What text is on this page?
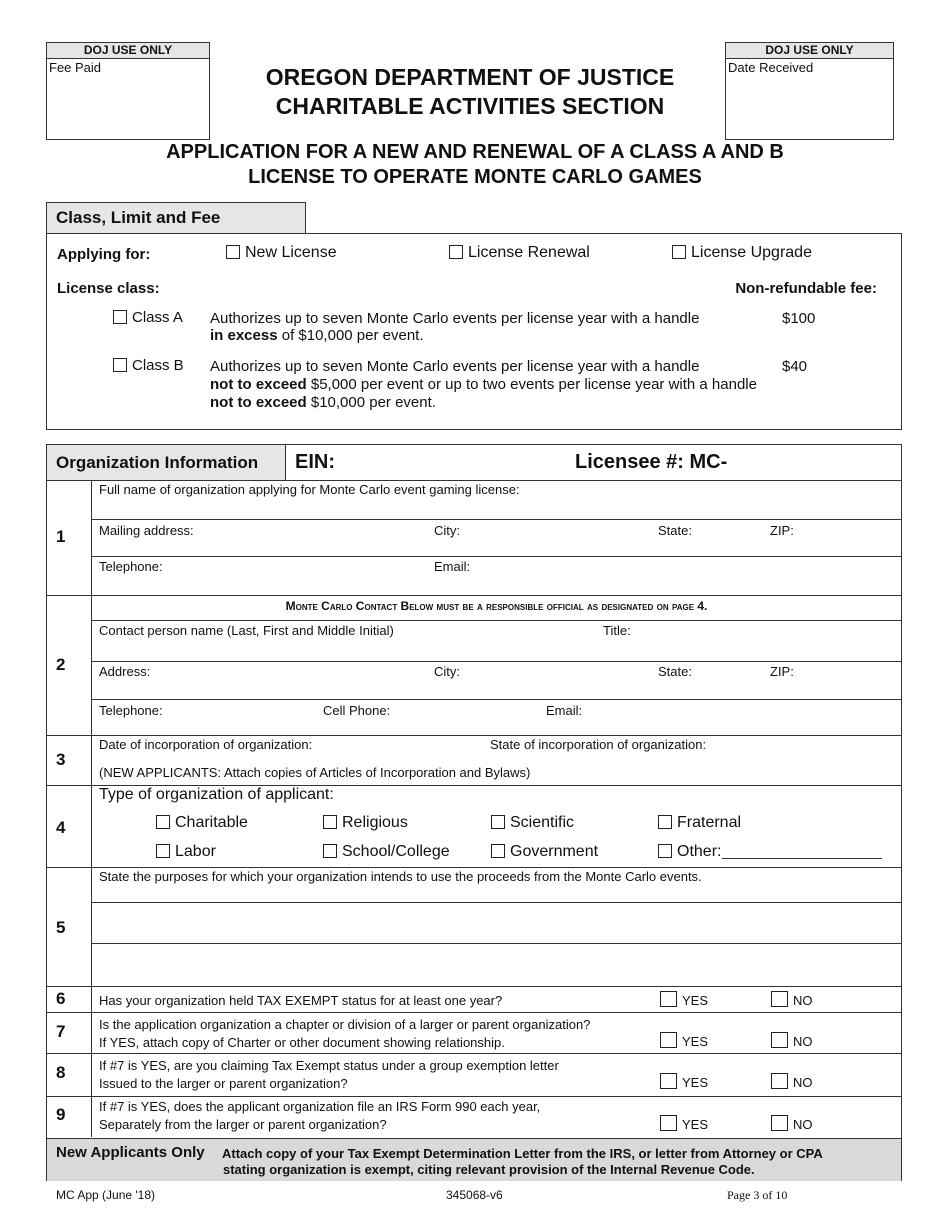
DOJ USE ONLY
Fee Paid
DOJ USE ONLY
Date Received
OREGON DEPARTMENT OF JUSTICE
CHARITABLE ACTIVITIES SECTION
APPLICATION FOR A NEW AND RENEWAL OF A CLASS A AND B
LICENSE TO OPERATE MONTE CARLO GAMES
Class, Limit and Fee
Applying for:	New License	License Renewal	License Upgrade
License class:	Non-refundable fee:
Class A Authorizes up to seven Monte Carlo events per license year with a handle
in excess of $10,000 per event.
$100
Class B Authorizes up to seven Monte Carlo events per license year with a handle
not to exceed $5,000 per event or up to two events per license year with a handle
not to exceed $10,000 per event.
$40
Organization Information	EIN:	Licensee #: MC-
1
Full name of organization applying for Monte Carlo event gaming license:
Mailing address:	City:	State:	ZIP:
Telephone:	Email:
2
Monte Carlo Contact Below must be a responsible official as designated on page 4.
Contact person name (Last, First and Middle Initial)	Title:
Address:	City:	State:	ZIP:
Telephone:	Cell Phone:	Email:
3
Date of incorporation of organization:	State of incorporation of organization:
(NEW APPLICANTS: Attach copies of Articles of Incorporation and Bylaws)
4
Type of organization of applicant:
Charitable	Religious	Scientific	Fraternal
Labor	School/College	Government	Other:
5
State the purposes for which your organization intends to use the proceeds from the Monte Carlo events.
6	Has your organization held TAX EXEMPT status for at least one year?	YES	NO
7	Is the application organization a chapter or division of a larger or parent organization?
If YES, attach copy of Charter or other document showing relationship.	YES	NO
8	If #7 is YES, are you claiming Tax Exempt status under a group exemption letter
Issued to the larger or parent organization?	YES	NO
9	If #7 is YES, does the applicant organization file an IRS Form 990 each year,
Separately from the larger or parent organization?	YES	NO
New Applicants Only Attach copy of your Tax Exempt Determination Letter from the IRS, or letter from Attorney or CPA
stating organization is exempt, citing relevant provision of the Internal Revenue Code.
MC App (June '18)	345068-v6	Page 3 of 10
